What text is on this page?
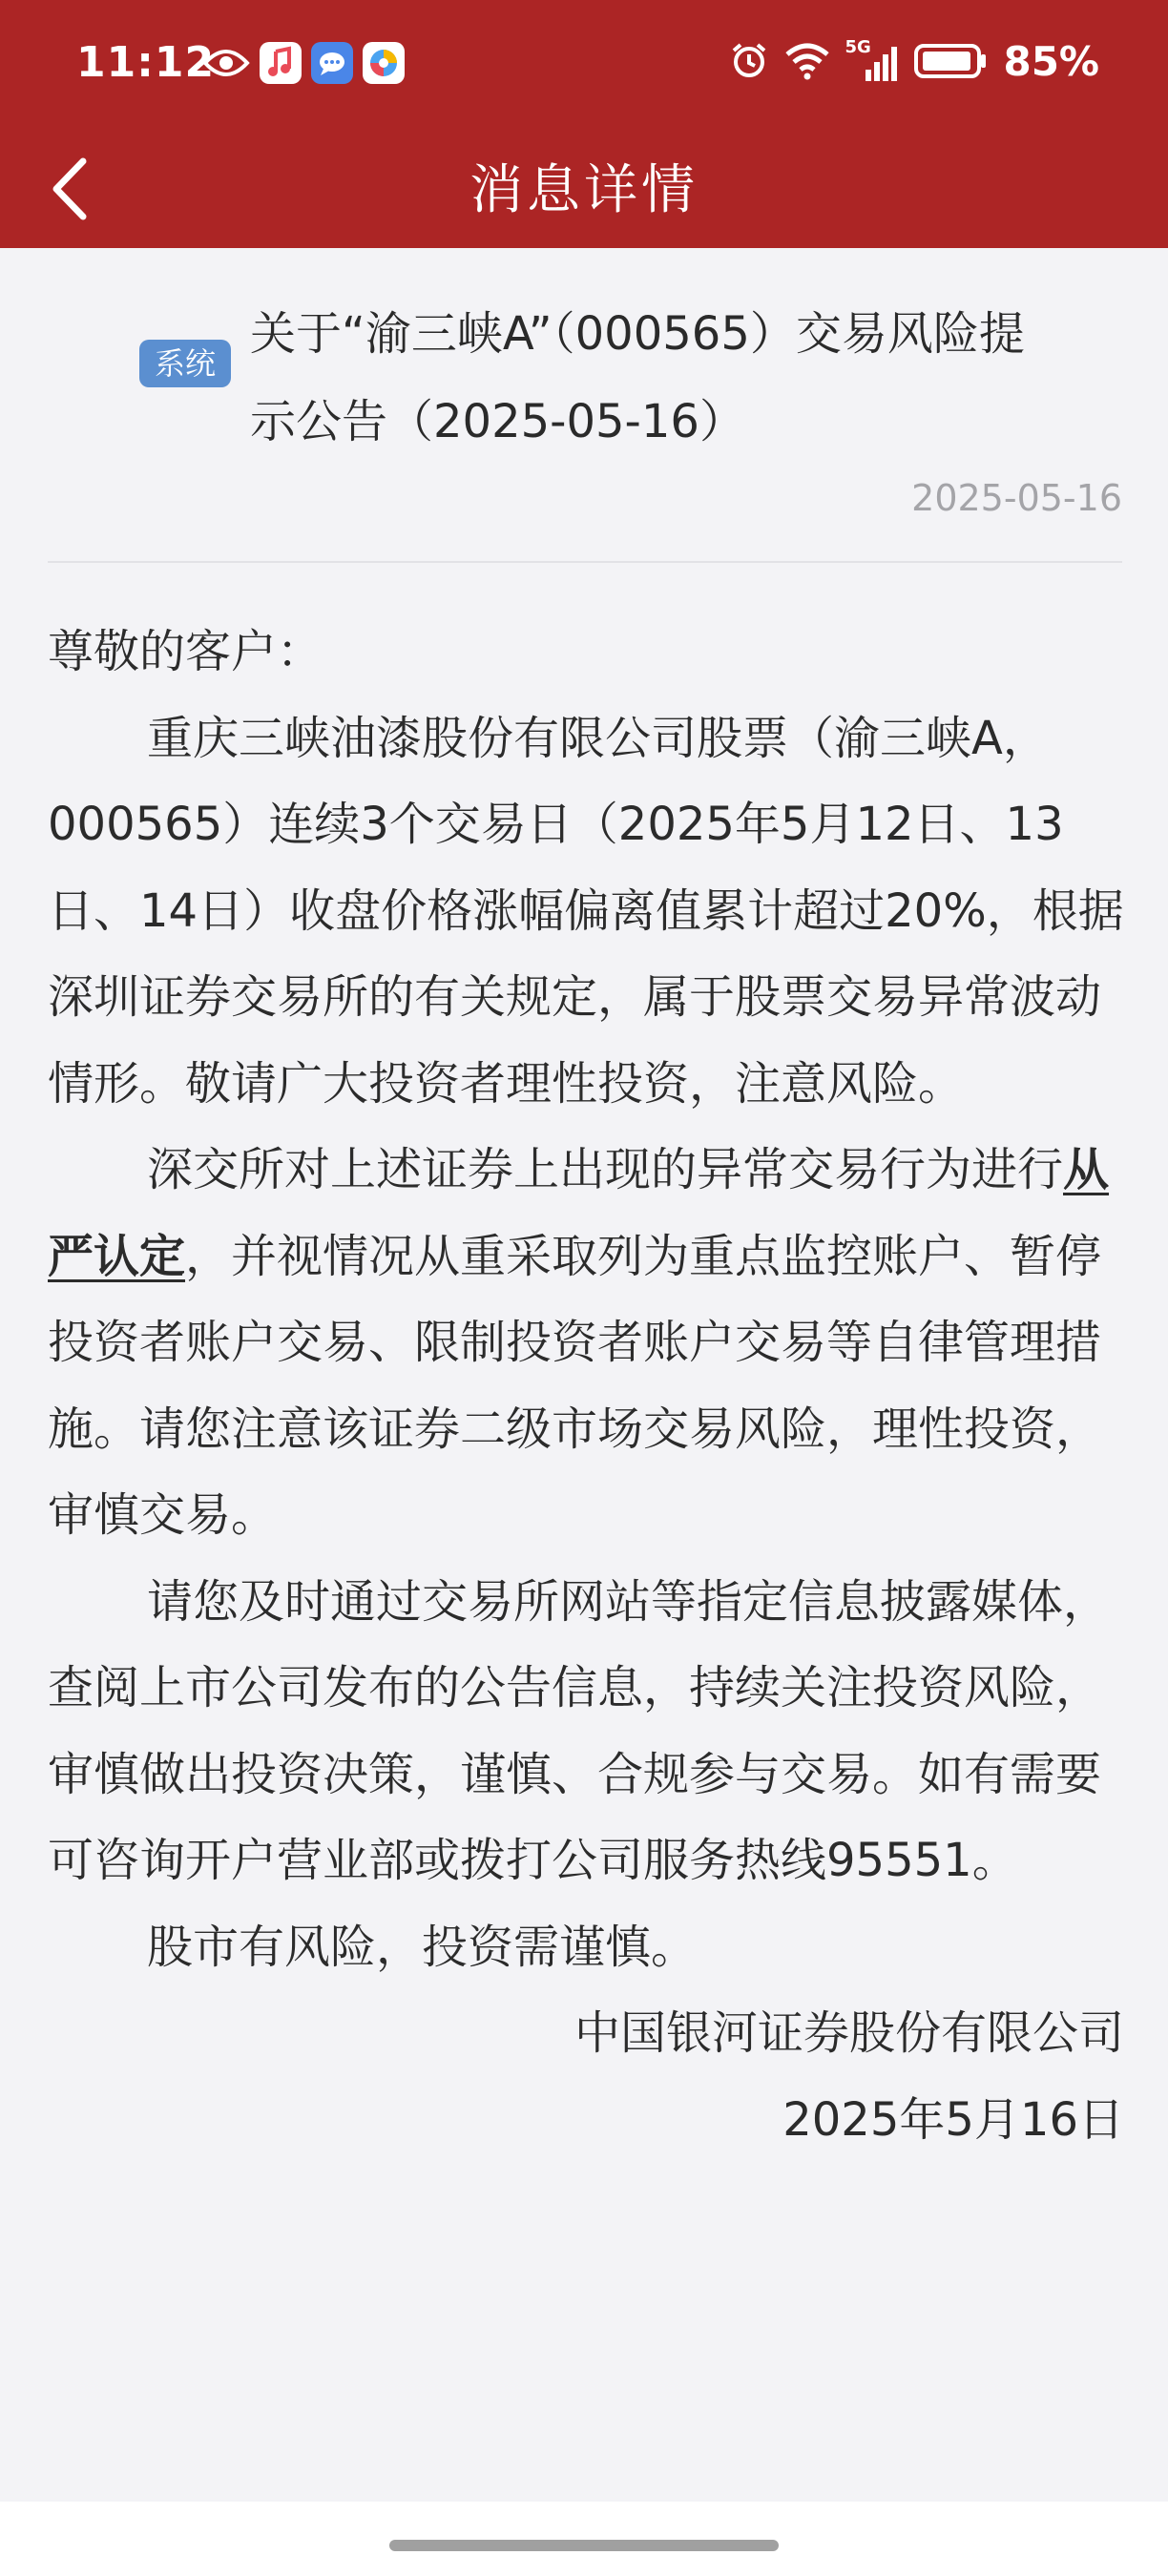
11:12	5G	85%
消息详情
系统
关于“渝三峡A”（000565）交易风险提示公告（2025-05-16）
2025-05-16

尊敬的客户：

重庆三峡油漆股份有限公司股票（渝三峡A，000565）连续3个交易日（2025年5月12日、13日、14日）收盘价格涨幅偏离值累计超过20%，根据深圳证券交易所的有关规定，属于股票交易异常波动情形。敬请广大投资者理性投资，注意风险。

深交所对上述证券上出现的异常交易行为进行从严认定，并视情况从重采取列为重点监控账户、暂停投资者账户交易、限制投资者账户交易等自律管理措施。请您注意该证券二级市场交易风险，理性投资，审慎交易。

请您及时通过交易所网站等指定信息披露媒体，查阅上市公司发布的公告信息，持续关注投资风险，审慎做出投资决策，谨慎、合规参与交易。如有需要可咨询开户营业部或拨打公司服务热线95551。

股市有风险，投资需谨慎。

中国银河证券股份有限公司

2025年5月16日
